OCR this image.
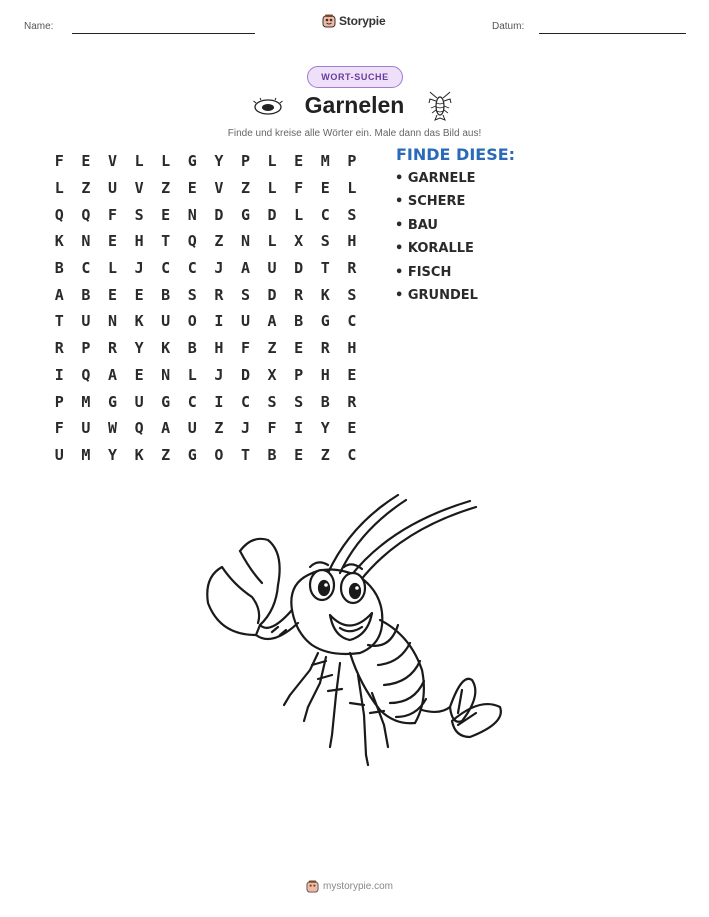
Name:	Storypie	Datum:
WORT-SUCHE
Garnelen
Finde und kreise alle Wörter ein. Male dann das Bild aus!
F	E	V	L	L	G	Y	P	L	E	M	P
L	Z	U	V	Z	E	V	Z	L	F	E	L
Q	Q	F	S	E	N	D	G	D	L	C	S
K	N	E	H	T	Q	Z	N	L	X	S	H
B	C	L	J	C	C	J	A	U	D	T	R
A	B	E	E	B	S	R	S	D	R	K	S
T	U	N	K	U	O	I	U	A	B	G	C
R	P	R	Y	K	B	H	F	Z	E	R	H
I	Q	A	E	N	L	J	D	X	P	H	E
P	M	G	U	G	C	I	C	S	S	B	R
F	U	W	Q	A	U	Z	J	F	I	Y	E
U	M	Y	K	Z	G	O	T	B	E	Z	C
FINDE DIESE:
• GARNELE
• SCHERE
• BAU
• KORALLE
• FISCH
• GRUNDEL
mystorypie.com
